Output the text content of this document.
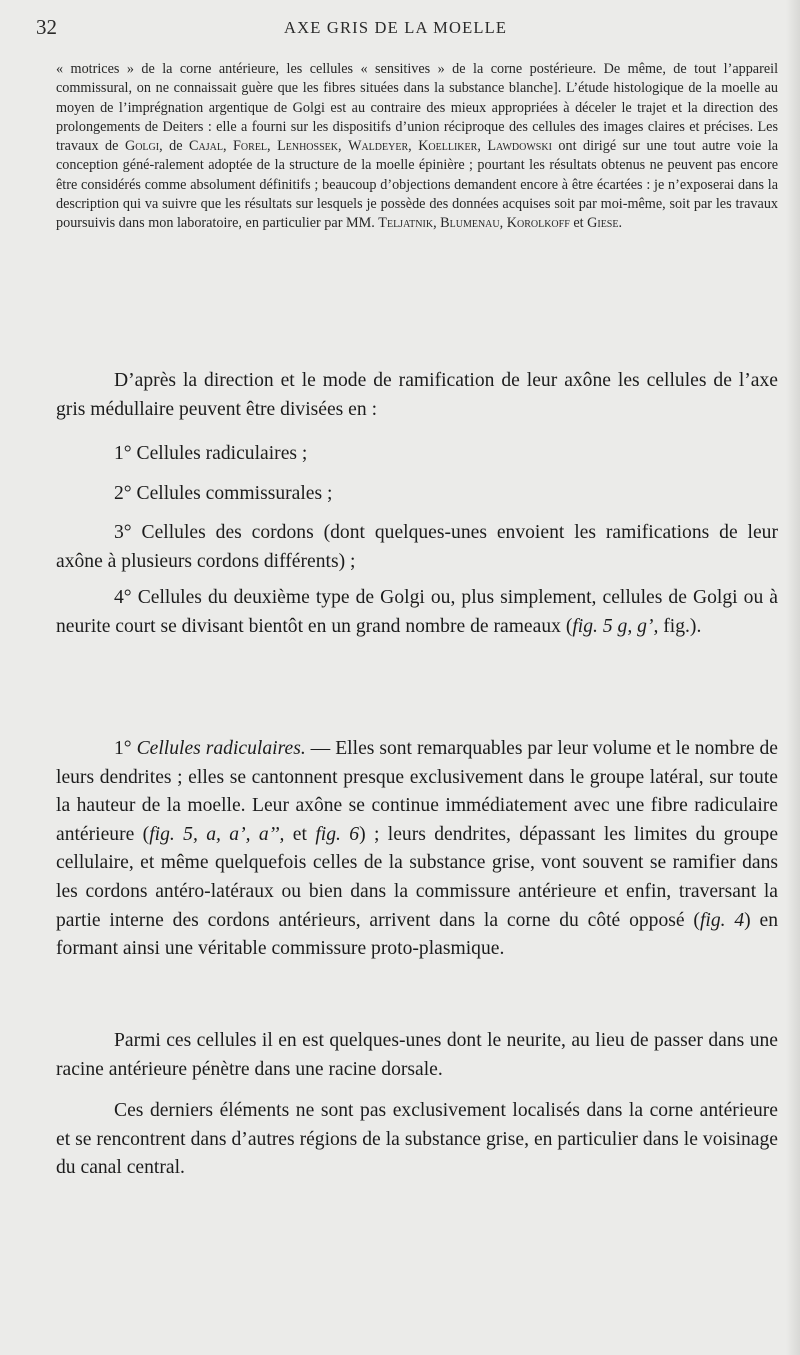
32	AXE GRIS DE LA MOELLE

« motrices » de la corne antérieure, les cellules « sensitives » de la corne postérieure. De même, de tout l’appareil commissural, on ne connaissait guère que les fibres situées dans la substance blanche]. L’étude histologique de la moelle au moyen de l’imprégnation argentique de Golgi est au contraire des mieux appropriées à déceler le trajet et la direction des prolongements de Deiters : elle a fourni sur les dispositifs d’union réciproque des cellules des images claires et précises. Les travaux de Golgi, de Cajal, Forel, Lenhossek, Waldeyer, Koelliker, Lawdowski ont dirigé sur une tout autre voie la conception géné-ralement adoptée de la structure de la moelle épinière ; pourtant les résultats obtenus ne peuvent pas encore être considérés comme absolument définitifs ; beaucoup d’objections demandent encore à être écartées : je n’exposerai dans la description qui va suivre que les résultats sur lesquels je possède des données acquises soit par moi-même, soit par les travaux poursuivis dans mon laboratoire, en particulier par MM. Teljatnik, Blumenau, Korolkoff et Giese.

D’après la direction et le mode de ramification de leur axône les cellules de l’axe gris médullaire peuvent être divisées en :

1° Cellules radiculaires ;

2° Cellules commissurales ;

3° Cellules des cordons (dont quelques-unes envoient les ramifications de leur axône à plusieurs cordons différents) ;

4° Cellules du deuxième type de Golgi ou, plus simplement, cellules de Golgi ou à neurite court se divisant bientôt en un grand nombre de rameaux (fig. 5 g, g’, fig.).

1° Cellules radiculaires. — Elles sont remarquables par leur volume et le nombre de leurs dendrites ; elles se cantonnent presque exclusivement dans le groupe latéral, sur toute la hauteur de la moelle. Leur axône se continue immédiatement avec une fibre radiculaire antérieure (fig. 5, a, a’, a’’, et fig. 6) ; leurs dendrites, dépassant les limites du groupe cellulaire, et même quelquefois celles de la substance grise, vont souvent se ramifier dans les cordons antéro-latéraux ou bien dans la commissure antérieure et enfin, traversant la partie interne des cordons antérieurs, arrivent dans la corne du côté opposé (fig. 4) en formant ainsi une véritable commissure proto-plasmique.

Parmi ces cellules il en est quelques-unes dont le neurite, au lieu de passer dans une racine antérieure pénètre dans une racine dorsale.

Ces derniers éléments ne sont pas exclusivement localisés dans la corne antérieure et se rencontrent dans d’autres régions de la substance grise, en particulier dans le voisinage du canal central.
